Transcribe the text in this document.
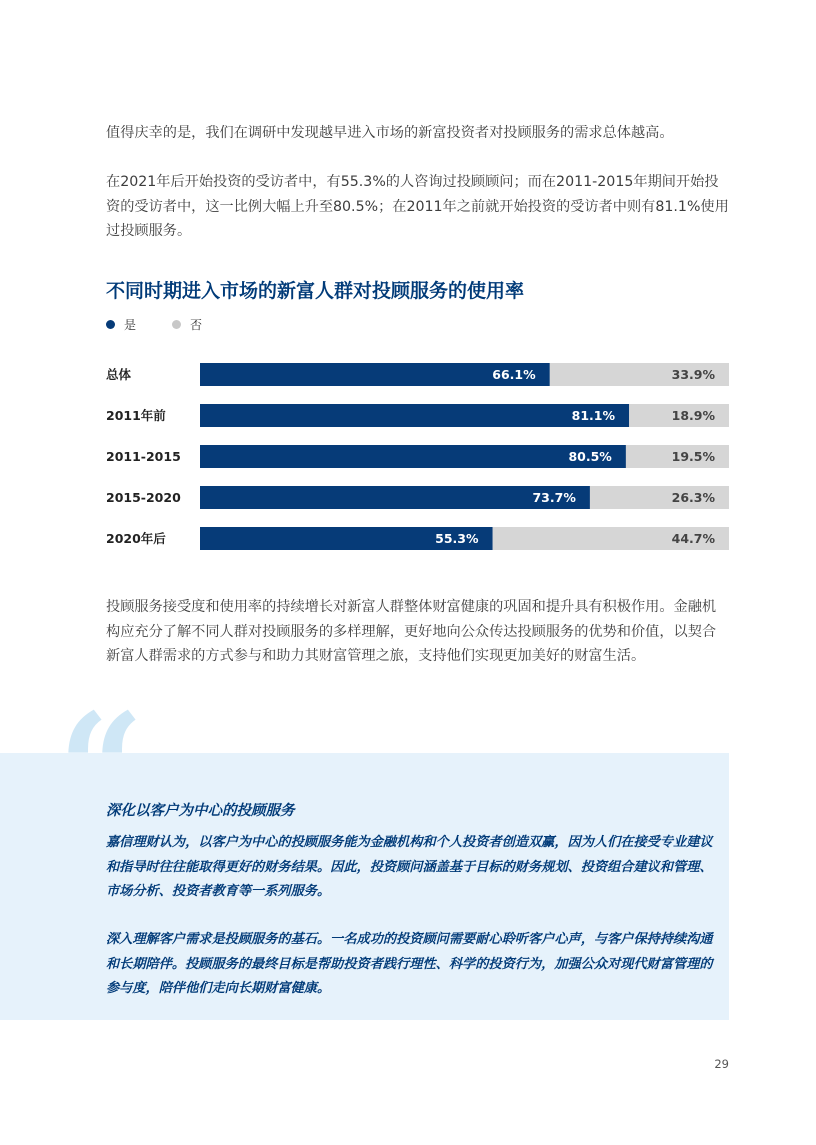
值得庆幸的是，我们在调研中发现越早进入市场的新富投资者对投顾服务的需求总体越高。

在2021年后开始投资的受访者中，有55.3%的人咨询过投顾顾问；而在2011-2015年期间开始投资的受访者中，这一比例大幅上升至80.5%；在2011年之前就开始投资的受访者中则有81.1%使用过投顾服务。

不同时期进入市场的新富人群对投顾服务的使用率
是	否
总体	66.1%	33.9%
2011年前	81.1%	18.9%
2011-2015	80.5%	19.5%
2015-2020	73.7%	26.3%
2020年后	55.3%	44.7%

投顾服务接受度和使用率的持续增长对新富人群整体财富健康的巩固和提升具有积极作用。金融机构应充分了解不同人群对投顾服务的多样理解，更好地向公众传达投顾服务的优势和价值，以契合新富人群需求的方式参与和助力其财富管理之旅，支持他们实现更加美好的财富生活。

深化以客户为中心的投顾服务

嘉信理财认为，以客户为中心的投顾服务能为金融机构和个人投资者创造双赢，因为人们在接受专业建议和指导时往往能取得更好的财务结果。因此，投资顾问涵盖基于目标的财务规划、投资组合建议和管理、市场分析、投资者教育等一系列服务。

深入理解客户需求是投顾服务的基石。一名成功的投资顾问需要耐心聆听客户心声，与客户保持持续沟通和长期陪伴。投顾服务的最终目标是帮助投资者践行理性、科学的投资行为，加强公众对现代财富管理的参与度，陪伴他们走向长期财富健康。

“
29
